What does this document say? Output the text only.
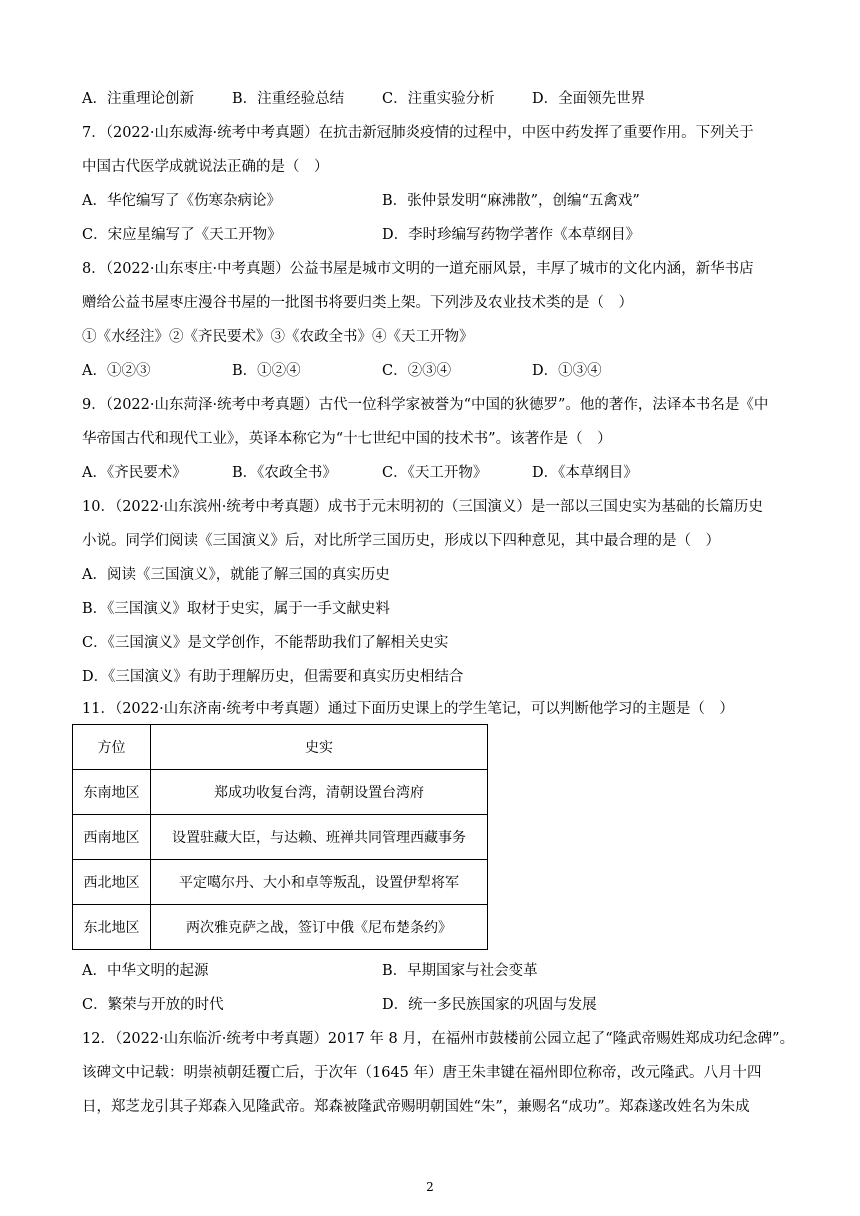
A．注重理论创新	B．注重经验总结	C．注重实验分析	D．全面领先世界
7．（2022·山东威海·统考中考真题）在抗击新冠肺炎疫情的过程中，中医中药发挥了重要作用。下列关于
中国古代医学成就说法正确的是（　）
A．华佗编写了《伤寒杂病论》	B．张仲景发明“麻沸散”，创编“五禽戏”
C．宋应星编写了《天工开物》	D．李时珍编写药物学著作《本草纲目》
8．（2022·山东枣庄·中考真题）公益书屋是城市文明的一道充丽风景，丰厚了城市的文化内涵，新华书店
赠给公益书屋枣庄漫谷书屋的一批图书将要归类上架。下列涉及农业技术类的是（　）
①《水经注》②《齐民要术》③《农政全书》④《天工开物》
A．①②③	B．①②④	C．②③④	D．①③④
9．（2022·山东菏泽·统考中考真题）古代一位科学家被誉为“中国的狄德罗”。他的著作，法译本书名是《中
华帝国古代和现代工业》，英译本称它为“十七世纪中国的技术书”。该著作是（　）
A．《齐民要术》	B．《农政全书》	C．《天工开物》	D．《本草纲目》
10．（2022·山东滨州·统考中考真题）成书于元末明初的（三国演义）是一部以三国史实为基础的长篇历史
小说。同学们阅读《三国演义》后，对比所学三国历史，形成以下四种意见，其中最合理的是（　）
A．阅读《三国演义》，就能了解三国的真实历史
B．《三国演义》取材于史实，属于一手文献史料
C．《三国演义》是文学创作，不能帮助我们了解相关史实
D．《三国演义》有助于理解历史，但需要和真实历史相结合
11．（2022·山东济南·统考中考真题）通过下面历史课上的学生笔记，可以判断他学习的主题是（　）
方位	史实
东南地区	郑成功收复台湾，清朝设置台湾府
西南地区	设置驻藏大臣，与达赖、班禅共同管理西藏事务
西北地区	平定噶尔丹、大小和卓等叛乱，设置伊犁将军
东北地区	两次雅克萨之战，签订中俄《尼布楚条约》
A．中华文明的起源	B．早期国家与社会变革
C．繁荣与开放的时代	D．统一多民族国家的巩固与发展
12．（2022·山东临沂·统考中考真题）2017 年 8 月，在福州市鼓楼前公园立起了“隆武帝赐姓郑成功纪念碑”。
该碑文中记载：明崇祯朝廷覆亡后，于次年（1645 年）唐王朱聿键在福州即位称帝，改元隆武。八月十四
日，郑芝龙引其子郑森入见隆武帝。郑森被隆武帝赐明朝国姓“朱”，兼赐名“成功”。郑森遂改姓名为朱成
2
